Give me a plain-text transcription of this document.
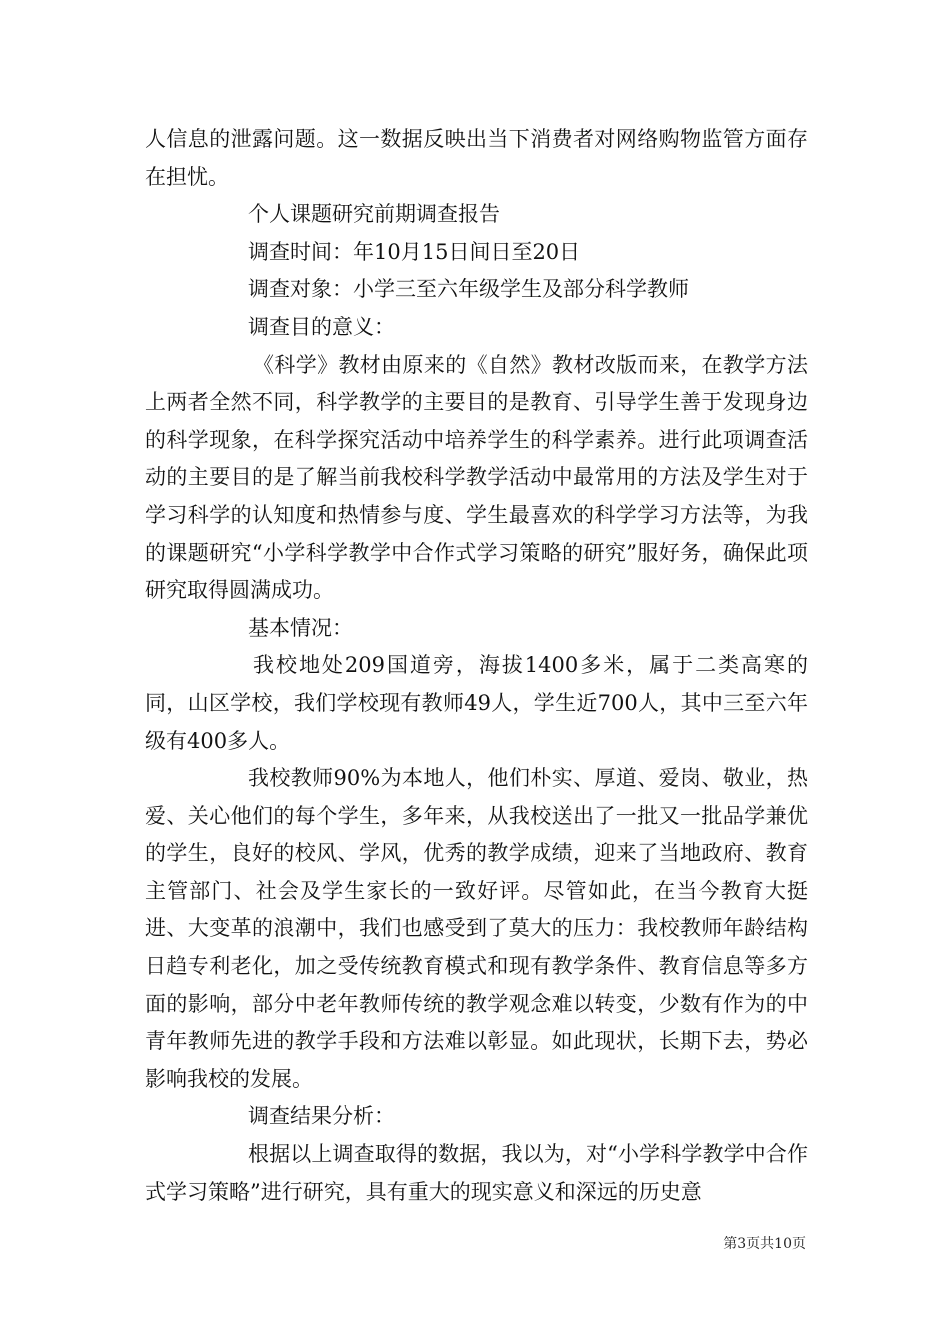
人信息的泄露问题。这一数据反映出当下消费者对网络购物监管方面存在担忧。

个人课题研究前期调查报告

调查时间：年10月15日间日至20日

调查对象：小学三至六年级学生及部分科学教师

调查目的意义：

《科学》教材由原来的《自然》教材改版而来，在教学方法上两者全然不同，科学教学的主要目的是教育、引导学生善于发现身边的科学现象，在科学探究活动中培养学生的科学素养。进行此项调查活动的主要目的是了解当前我校科学教学活动中最常用的方法及学生对于学习科学的认知度和热情参与度、学生最喜欢的科学学习方法等，为我的课题研究“小学科学教学中合作式学习策略的研究”服好务，确保此项研究取得圆满成功。

基本情况：

我校地处209国道旁，海拔1400多米，属于二类高寒的同，山区学校，我们学校现有教师49人，学生近700人，其中三至六年级有400多人。

我校教师90%为本地人，他们朴实、厚道、爱岗、敬业，热爱、关心他们的每个学生，多年来，从我校送出了一批又一批品学兼优的学生，良好的校风、学风，优秀的教学成绩，迎来了当地政府、教育主管部门、社会及学生家长的一致好评。尽管如此，在当今教育大挺进、大变革的浪潮中，我们也感受到了莫大的压力：我校教师年龄结构日趋专利老化，加之受传统教育模式和现有教学条件、教育信息等多方面的影响，部分中老年教师传统的教学观念难以转变，少数有作为的中青年教师先进的教学手段和方法难以彰显。如此现状，长期下去，势必影响我校的发展。

调查结果分析：

根据以上调查取得的数据，我以为，对“小学科学教学中合作式学习策略”进行研究，具有重大的现实意义和深远的历史意

第3页共10页
